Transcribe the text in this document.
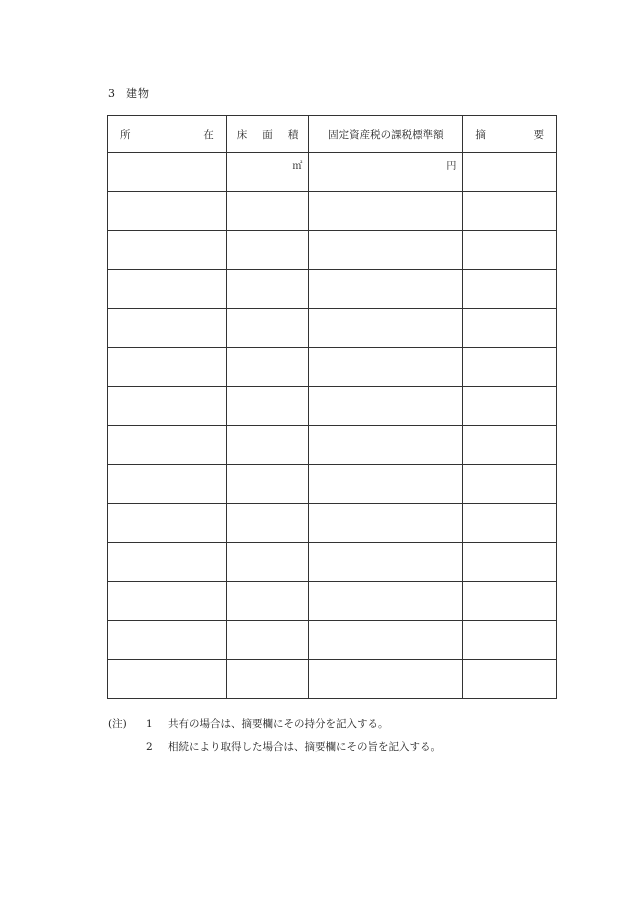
3 建物
所 在	床 面 積	固定資産税の課税標準額	摘 要

	㎡	円	

(注) 1 共有の場合は、摘要欄にその持分を記入する。
2 相続により取得した場合は、摘要欄にその旨を記入する。
